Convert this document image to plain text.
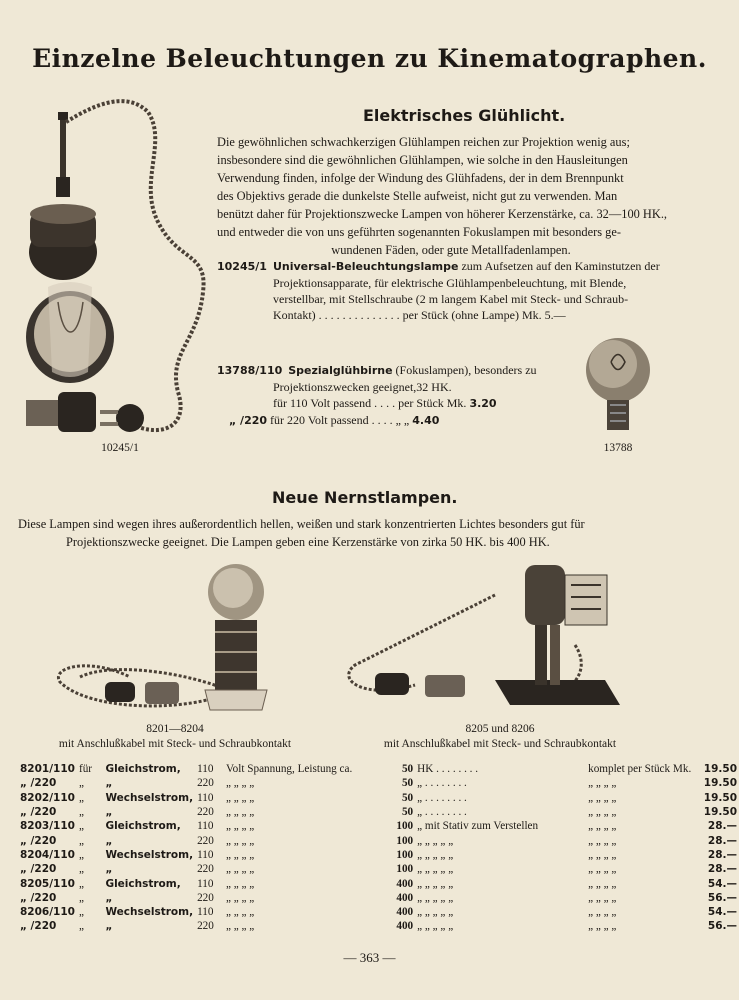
Einzelne Beleuchtungen zu Kinematographen.
Elektrisches Glühlicht.
10245/1

Die gewöhnlichen schwachkerzigen Glühlampen reichen zur Projektion wenig aus;

insbesondere sind die gewöhnlichen Glühlampen, wie solche in den Hausleitungen

Verwendung finden, infolge der Windung des Glühfadens, der in dem Brennpunkt

des Objektivs gerade die dunkelste Stelle aufweist, nicht gut zu verwenden. Man

benützt daher für Projektionszwecke Lampen von höherer Kerzenstärke, ca. 32—100 HK.,

und entweder die von uns geführten sogenannten Fokuslampen mit besonders ge-

wundenen Fäden, oder gute Metallfadenlampen.

10245/1 Universal-Beleuchtungslampe zum Aufsetzen auf den Kaminstutzen der
Projektionsapparate, für elektrische Glühlampenbeleuchtung, mit Blende,
verstellbar, mit Stellschraube (2 m langem Kabel mit Steck- und Schraub-
Kontakt) . . . . . . . . . . . . . . per Stück (ohne Lampe) Mk. 5.—
13788/110 Spezialglühbirne (Fokuslampen), besonders zu
Projektionszwecken geeignet,32 HK.
für 110 Volt passend . . . . per Stück Mk. 3.20
„ /220 für 220 Volt passend . . . . „ „ 4.40
13788
Neue Nernstlampen.

Diese Lampen sind wegen ihres außerordentlich hellen, weißen und stark konzentrierten Lichtes besonders gut für

Projektionszwecke geeignet. Die Lampen geben eine Kerzenstärke von zirka 50 HK. bis 400 HK.

8201—8204
mit Anschlußkabel mit Steck- und Schraubkontakt
8205 und 8206
mit Anschlußkabel mit Steck- und Schraubkontakt
8201/110	für	Gleichstrom,	110	Volt Spannung, Leistung ca.	50	HK . . . . . . . .	komplet per Stück Mk.	19.50
„ /220	„	„	220	„ „ „ „	50	„ . . . . . . . .	„ „ „ „	19.50
8202/110	„	Wechselstrom,	110	„ „ „ „	50	„ . . . . . . . .	„ „ „ „	19.50
„ /220	„	„	220	„ „ „ „	50	„ . . . . . . . .	„ „ „ „	19.50
8203/110	„	Gleichstrom,	110	„ „ „ „	100	„ mit Stativ zum Verstellen	„ „ „ „	28.—
„ /220	„	„	220	„ „ „ „	100	„ „ „ „ „	„ „ „ „	28.—
8204/110	„	Wechselstrom,	110	„ „ „ „	100	„ „ „ „ „	„ „ „ „	28.—
„ /220	„	„	220	„ „ „ „	100	„ „ „ „ „	„ „ „ „	28.—
8205/110	„	Gleichstrom,	110	„ „ „ „	400	„ „ „ „ „	„ „ „ „	54.—
„ /220	„	„	220	„ „ „ „	400	„ „ „ „ „	„ „ „ „	56.—
8206/110	„	Wechselstrom,	110	„ „ „ „	400	„ „ „ „ „	„ „ „ „	54.—
„ /220	„	„	220	„ „ „ „	400	„ „ „ „ „	„ „ „ „	56.—
— 363 —
